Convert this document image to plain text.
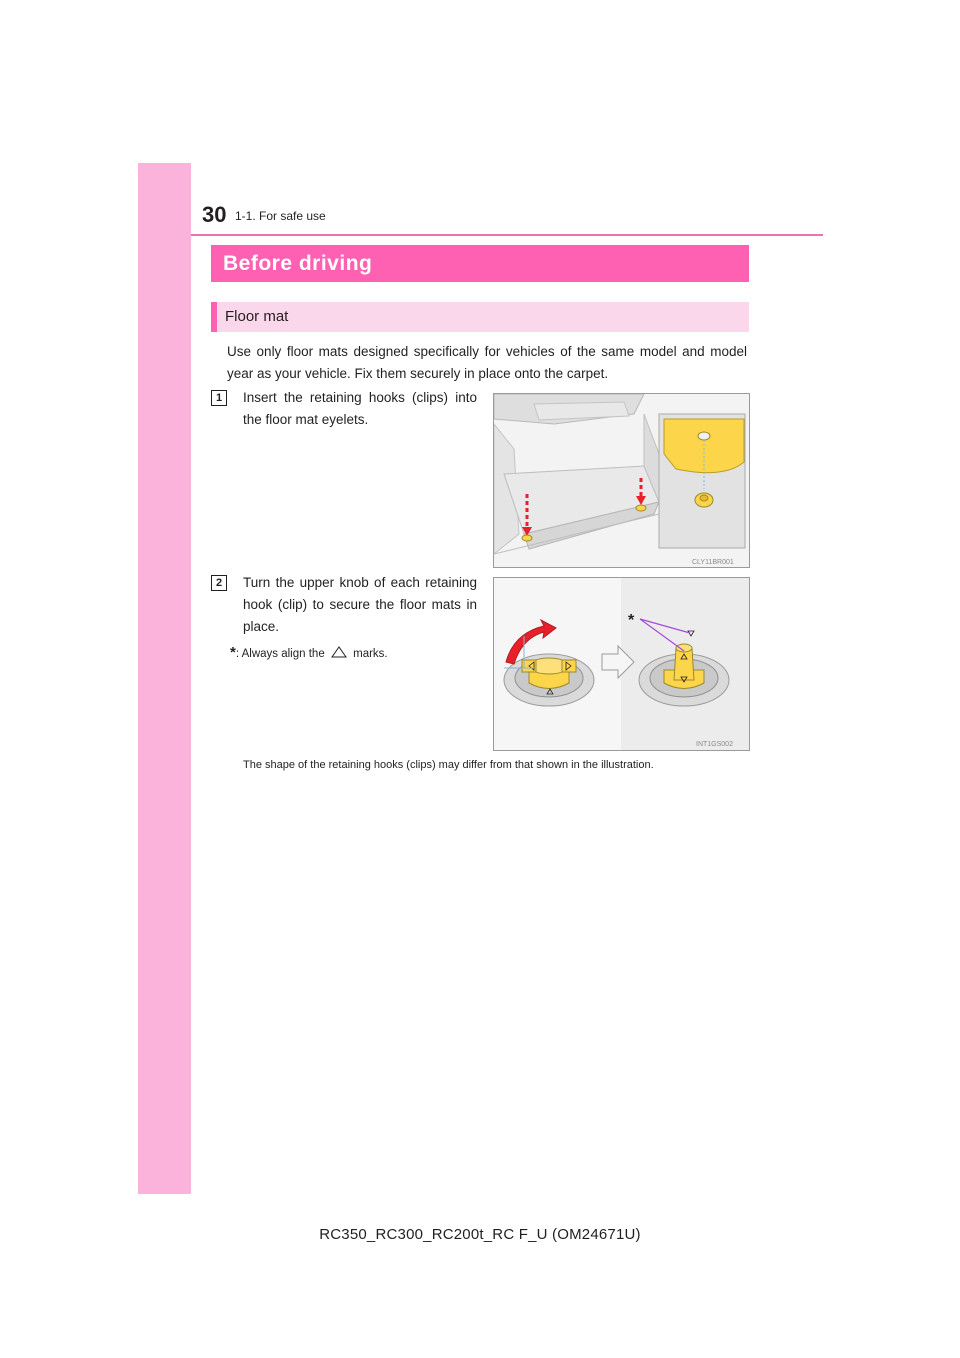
30 1-1. For safe use
Before driving
Floor mat
Use only floor mats designed specifically for vehicles of the same model and model year as your vehicle. Fix them securely in place onto the carpet.
1	Insert the retaining hooks (clips) into the floor mat eyelets.
CLY11BR001
2	Turn the upper knob of each retaining hook (clip) to secure the floor mats in place.
*: Always align the marks.
*
INT1GS002
The shape of the retaining hooks (clips) may differ from that shown in the illustration.
RC350_RC300_RC200t_RC F_U (OM24671U)
